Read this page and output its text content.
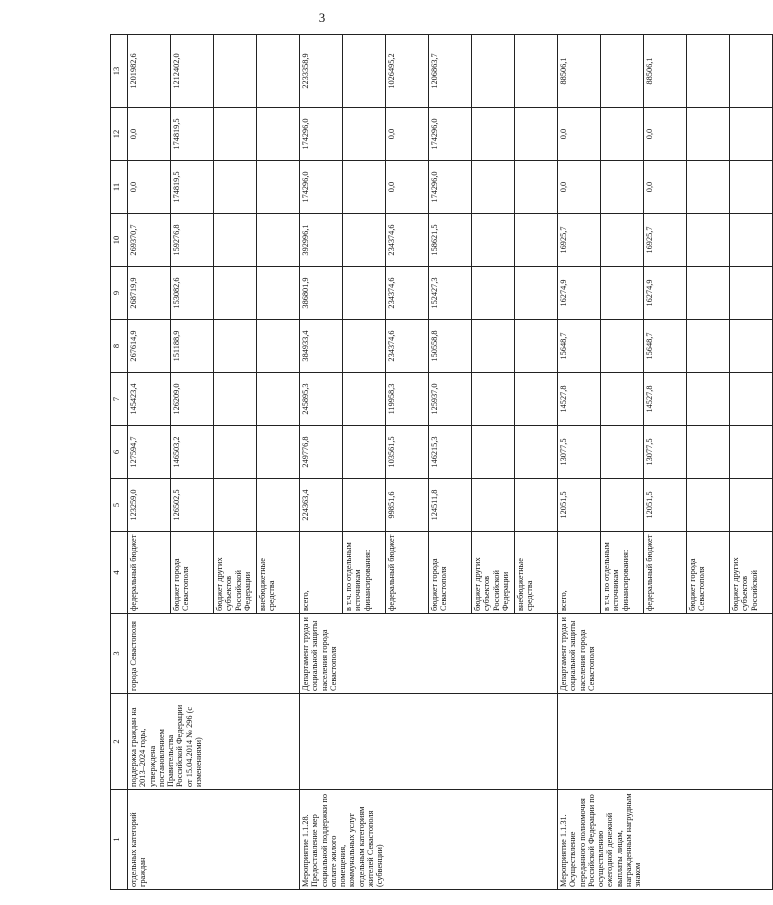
3
1	2	3	4	5	6	7	8	9	10	11	12	13
отдельных категорий граждан	поддержка граждан на 2013–2024 годы, утверждена постановлением Правительства Российской Федерации от 15.04.2014 № 296 (с изменениями)	города Севастополя	федеральный бюджет	123259,0	127594,7	145423,4	267614,9	268719,9	269370,7	0,0	0,0	1201982,6
			бюджет города Севастополя	126502,5	146503,2	126209,0	151188,9	153082,6	159276,8	174819,5	174819,5	1212402,0
			бюджет других субъектов Российской Федерации									
			внебюджетные средства									
Мероприятие 1.1.28. Предоставление мер социальной поддержки по оплате жилого помещения, коммунальных услуг отдельным категориям жителей Севастополя (субвенции)		Департамент труда и социальной защиты населения города Севастополя	всего,	224363,4	249776,8	245895,3	384933,4	386801,9	392996,1	174296,0	174296,0	2233358,9
			в т.ч. по отдельным источникам финансирования:									
			федеральный бюджет	99851,6	103561,5	119958,3	234374,6	234374,6	234374,6	0,0	0,0	1026495,2
			бюджет города Севастополя	124511,8	146215,3	125937,0	150558,8	152427,3	158621,5	174296,0	174296,0	1206863,7
			бюджет других субъектов Российской Федерации									
			внебюджетные средства									
Мероприятие 1.1.31. Осуществление переданного полномочия Российской Федерации по осуществлению ежегодной денежной выплаты лицам, награжденным нагрудным знаком		Департамент труда и социальной защиты населения города Севастополя	всего,	12051,5	13077,5	14527,8	15648,7	16274,9	16925,7	0,0	0,0	88506,1
			в т.ч. по отдельным источникам финансирования:									
			федеральный бюджет	12051,5	13077,5	14527,8	15648,7	16274,9	16925,7	0,0	0,0	88506,1
			бюджет города Севастополя									
			бюджет других субъектов Российской									
